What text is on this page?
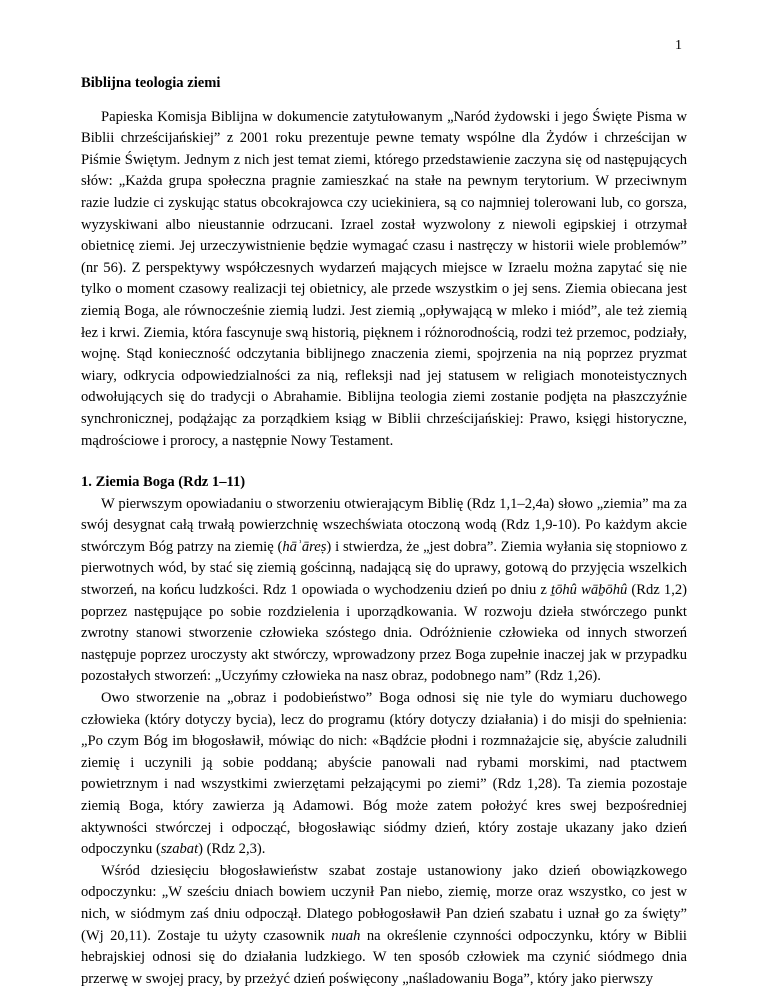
1

Biblijna teologia ziemi

Papieska Komisja Biblijna w dokumencie zatytułowanym „Naród żydowski i jego Święte Pisma w Biblii chrześcijańskiej” z 2001 roku prezentuje pewne tematy wspólne dla Żydów i chrześcijan w Piśmie Świętym. Jednym z nich jest temat ziemi, którego przedstawienie zaczyna się od następujących słów: „Każda grupa społeczna pragnie zamieszkać na stałe na pewnym terytorium. W przeciwnym razie ludzie ci zyskując status obcokrajowca czy uciekiniera, są co najmniej tolerowani lub, co gorsza, wyzyskiwani albo nieustannie odrzucani. Izrael został wyzwolony z niewoli egipskiej i otrzymał obietnicę ziemi. Jej urzeczywistnienie będzie wymagać czasu i nastręczy w historii wiele problemów” (nr 56). Z perspektywy współczesnych wydarzeń mających miejsce w Izraelu można zapytać się nie tylko o moment czasowy realizacji tej obietnicy, ale przede wszystkim o jej sens. Ziemia obiecana jest ziemią Boga, ale równocześnie ziemią ludzi. Jest ziemią „opływającą w mleko i miód”, ale też ziemią łez i krwi. Ziemia, która fascynuje swą historią, pięknem i różnorodnością, rodzi też przemoc, podziały, wojnę. Stąd konieczność odczytania biblijnego znaczenia ziemi, spojrzenia na nią poprzez pryzmat wiary, odkrycia odpowiedzialności za nią, refleksji nad jej statusem w religiach monoteistycznych odwołujących się do tradycji o Abrahamie. Biblijna teologia ziemi zostanie podjęta na płaszczyźnie synchronicznej, podążając za porządkiem ksiąg w Biblii chrześcijańskiej: Prawo, księgi historyczne, mądrościowe i prorocy, a następnie Nowy Testament.

1. Ziemia Boga (Rdz 1–11)

W pierwszym opowiadaniu o stworzeniu otwierającym Biblię (Rdz 1,1–2,4a) słowo „ziemia” ma za swój desygnat całą trwałą powierzchnię wszechświata otoczoną wodą (Rdz 1,9-10). Po każdym akcie stwórczym Bóg patrzy na ziemię (hāʾāreṣ) i stwierdza, że „jest dobra”. Ziemia wyłania się stopniowo z pierwotnych wód, by stać się ziemią gościnną, nadającą się do uprawy, gotową do przyjęcia wszelkich stworzeń, na końcu ludzkości. Rdz 1 opowiada o wychodzeniu dzień po dniu z ṯōhû wāḇōhû (Rdz 1,2) poprzez następujące po sobie rozdzielenia i uporządkowania. W rozwoju dzieła stwórczego punkt zwrotny stanowi stworzenie człowieka szóstego dnia. Odróżnienie człowieka od innych stworzeń następuje poprzez uroczysty akt stwórczy, wprowadzony przez Boga zupełnie inaczej jak w przypadku pozostałych stworzeń: „Uczyńmy człowieka na nasz obraz, podobnego nam” (Rdz 1,26).

Owo stworzenie na „obraz i podobieństwo” Boga odnosi się nie tyle do wymiaru duchowego człowieka (który dotyczy bycia), lecz do programu (który dotyczy działania) i do misji do spełnienia: „Po czym Bóg im błogosławił, mówiąc do nich: «Bądźcie płodni i rozmnażajcie się, abyście zaludnili ziemię i uczynili ją sobie poddaną; abyście panowali nad rybami morskimi, nad ptactwem powietrznym i nad wszystkimi zwierzętami pełzającymi po ziemi” (Rdz 1,28). Ta ziemia pozostaje ziemią Boga, który zawierza ją Adamowi. Bóg może zatem położyć kres swej bezpośredniej aktywności stwórczej i odpocząć, błogosławiąc siódmy dzień, który zostaje ukazany jako dzień odpoczynku (szabat) (Rdz 2,3).

Wśród dziesięciu błogosławieństw szabat zostaje ustanowiony jako dzień obowiązkowego odpoczynku: „W sześciu dniach bowiem uczynił Pan niebo, ziemię, morze oraz wszystko, co jest w nich, w siódmym zaś dniu odpoczął. Dlatego pobłogosławił Pan dzień szabatu i uznał go za święty” (Wj 20,11). Zostaje tu użyty czasownik nuah na określenie czynności odpoczynku, który w Biblii hebrajskiej odnosi się do działania ludzkiego. W ten sposób człowiek ma czynić siódmego dnia przerwę w swojej pracy, by przeżyć dzień poświęcony „naśladowaniu Boga”, który jako pierwszy
